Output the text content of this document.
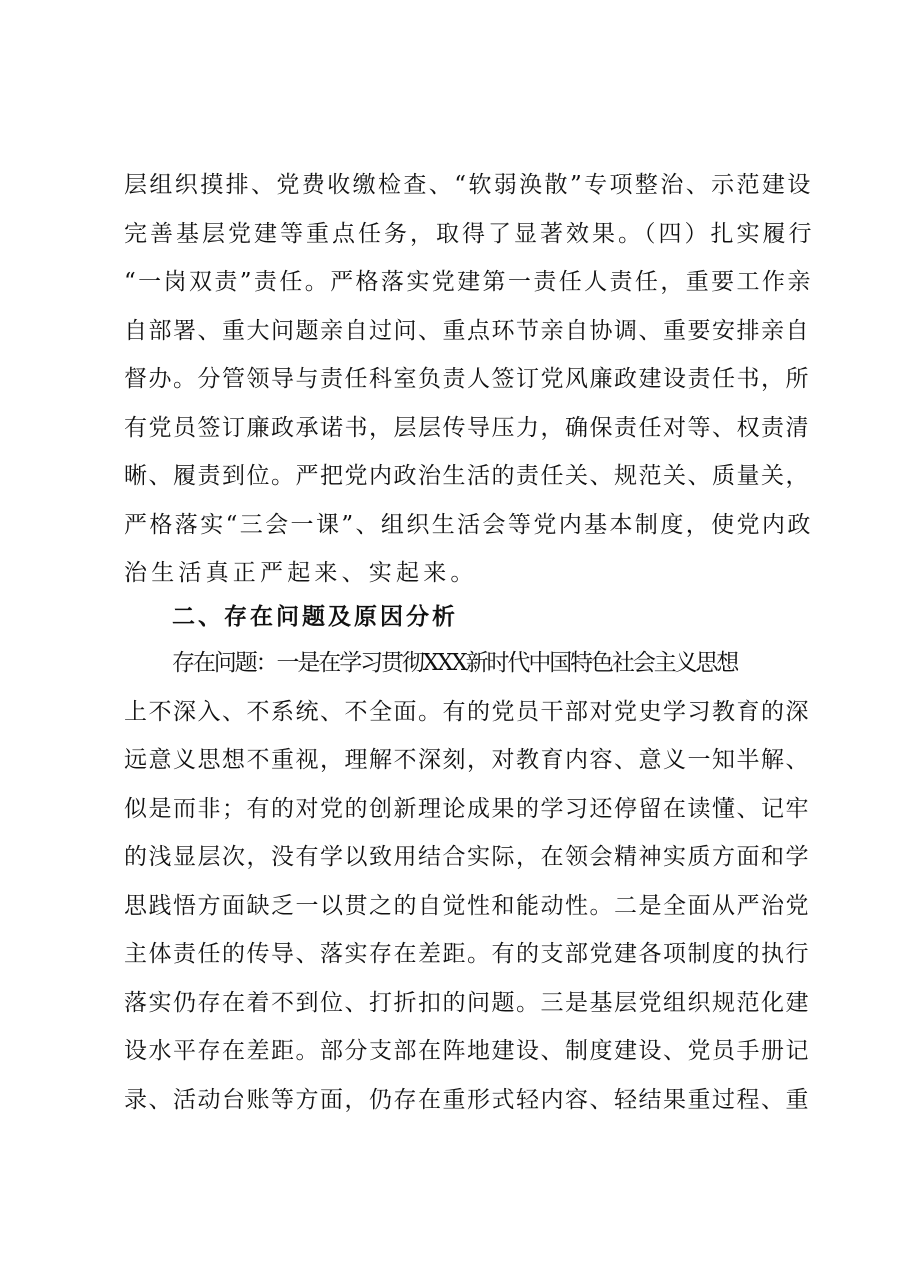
层组织摸排、党费收缴检查、“软弱涣散”专项整治、示范建设
完善基层党建等重点任务，取得了显著效果。（四）扎实履行
“一岗双责”责任。严格落实党建第一责任人责任，重要工作亲
自部署、重大问题亲自过问、重点环节亲自协调、重要安排亲自
督办。分管领导与责任科室负责人签订党风廉政建设责任书，所
有党员签订廉政承诺书，层层传导压力，确保责任对等、权责清
晰、履责到位。严把党内政治生活的责任关、规范关、质量关，
严格落实“三会一课”、组织生活会等党内基本制度，使党内政
治生活真正严起来、实起来。
二、存在问题及原因分析
存在问题：一是在学习贯彻XXX新时代中国特色社会主义思想
上不深入、不系统、不全面。有的党员干部对党史学习教育的深
远意义思想不重视，理解不深刻，对教育内容、意义一知半解、
似是而非；有的对党的创新理论成果的学习还停留在读懂、记牢
的浅显层次，没有学以致用结合实际，在领会精神实质方面和学
思践悟方面缺乏一以贯之的自觉性和能动性。二是全面从严治党
主体责任的传导、落实存在差距。有的支部党建各项制度的执行
落实仍存在着不到位、打折扣的问题。三是基层党组织规范化建
设水平存在差距。部分支部在阵地建设、制度建设、党员手册记
录、活动台账等方面，仍存在重形式轻内容、轻结果重过程、重
